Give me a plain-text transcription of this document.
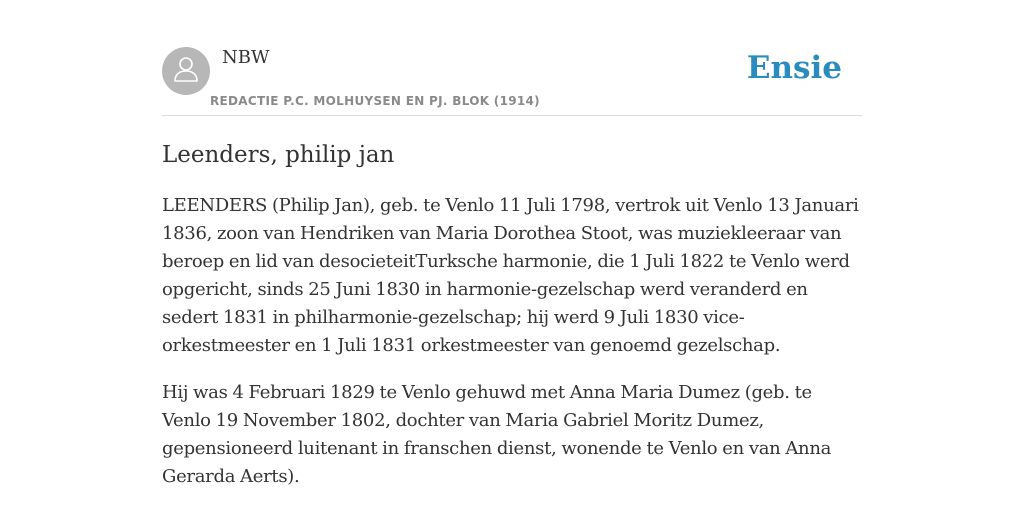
NBW
REDACTIE P.C. MOLHUYSEN EN PJ. BLOK (1914)
Ensie
Leenders, philip jan

LEENDERS (Philip Jan), geb. te Venlo 11 Juli 1798, vertrok uit Venlo 13 Januari 1836, zoon van Hendriken van Maria Dorothea Stoot, was muziekleeraar van beroep en lid van desocieteitTurksche harmonie, die 1 Juli 1822 te Venlo werd opgericht, sinds 25 Juni 1830 in harmonie-gezelschap werd veranderd en sedert 1831 in philharmonie-gezelschap; hij werd 9 Juli 1830 vice-orkestmeester en 1 Juli 1831 orkestmeester van genoemd gezelschap.

Hij was 4 Februari 1829 te Venlo gehuwd met Anna Maria Dumez (geb. te Venlo 19 November 1802, dochter van Maria Gabriel Moritz Dumez, gepensioneerd luitenant in franschen dienst, wonende te Venlo en van Anna Gerarda Aerts).
